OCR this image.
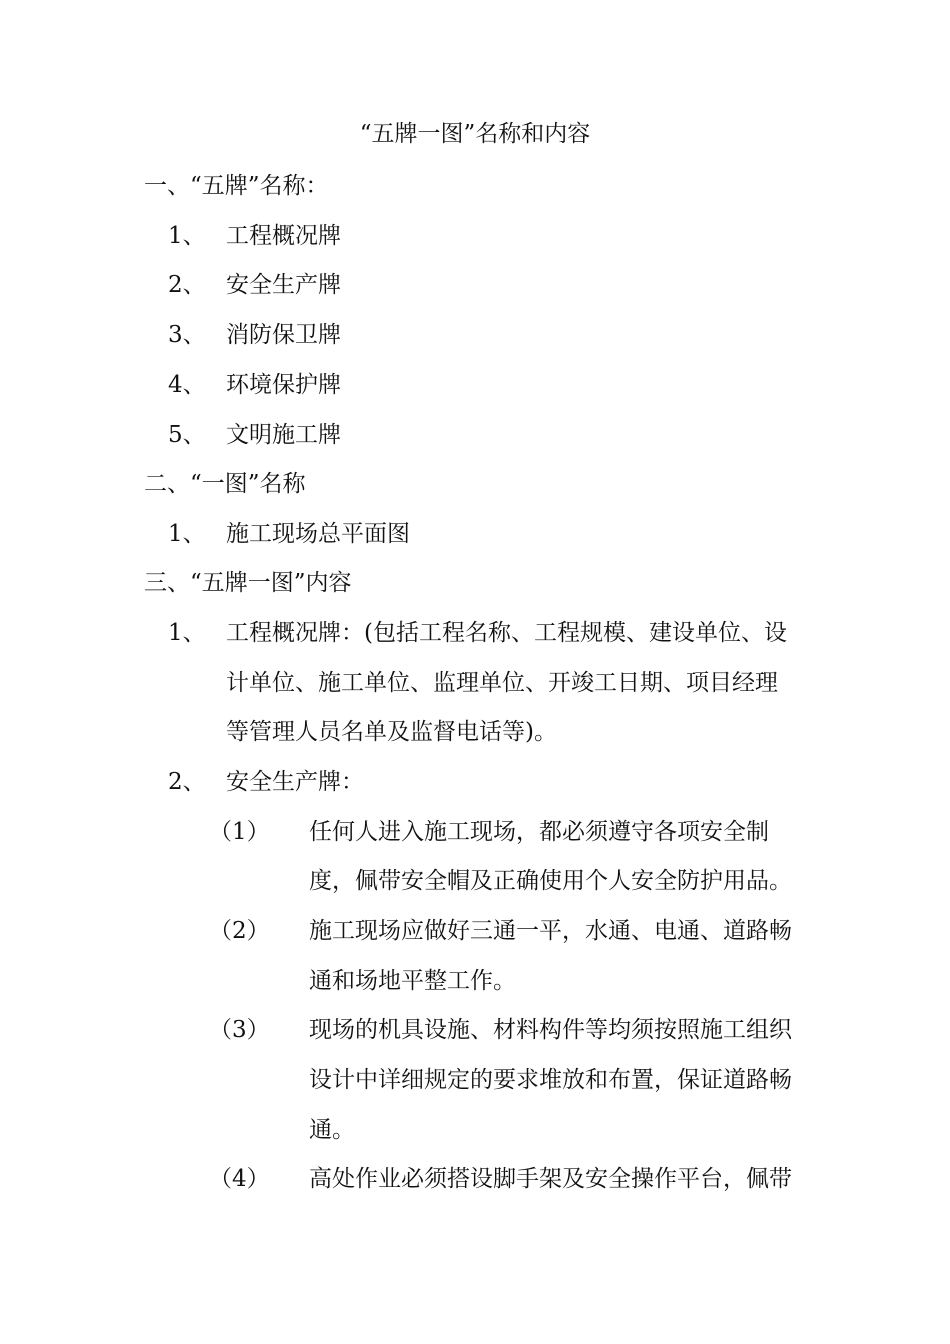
“五牌一图”名称和内容
一、“五牌”名称：
1、 工程概况牌
2、 安全生产牌
3、 消防保卫牌
4、 环境保护牌
5、 文明施工牌
二、“一图”名称
1、 施工现场总平面图
三、“五牌一图”内容
1、 工程概况牌：(包括工程名称、工程规模、建设单位、设
计单位、施工单位、监理单位、开竣工日期、项目经理
等管理人员名单及监督电话等)。
2、 安全生产牌：
（1） 任何人进入施工现场，都必须遵守各项安全制
度，佩带安全帽及正确使用个人安全防护用品。
（2） 施工现场应做好三通一平，水通、电通、道路畅
通和场地平整工作。
（3） 现场的机具设施、材料构件等均须按照施工组织
设计中详细规定的要求堆放和布置，保证道路畅
通。
（4） 高处作业必须搭设脚手架及安全操作平台，佩带
